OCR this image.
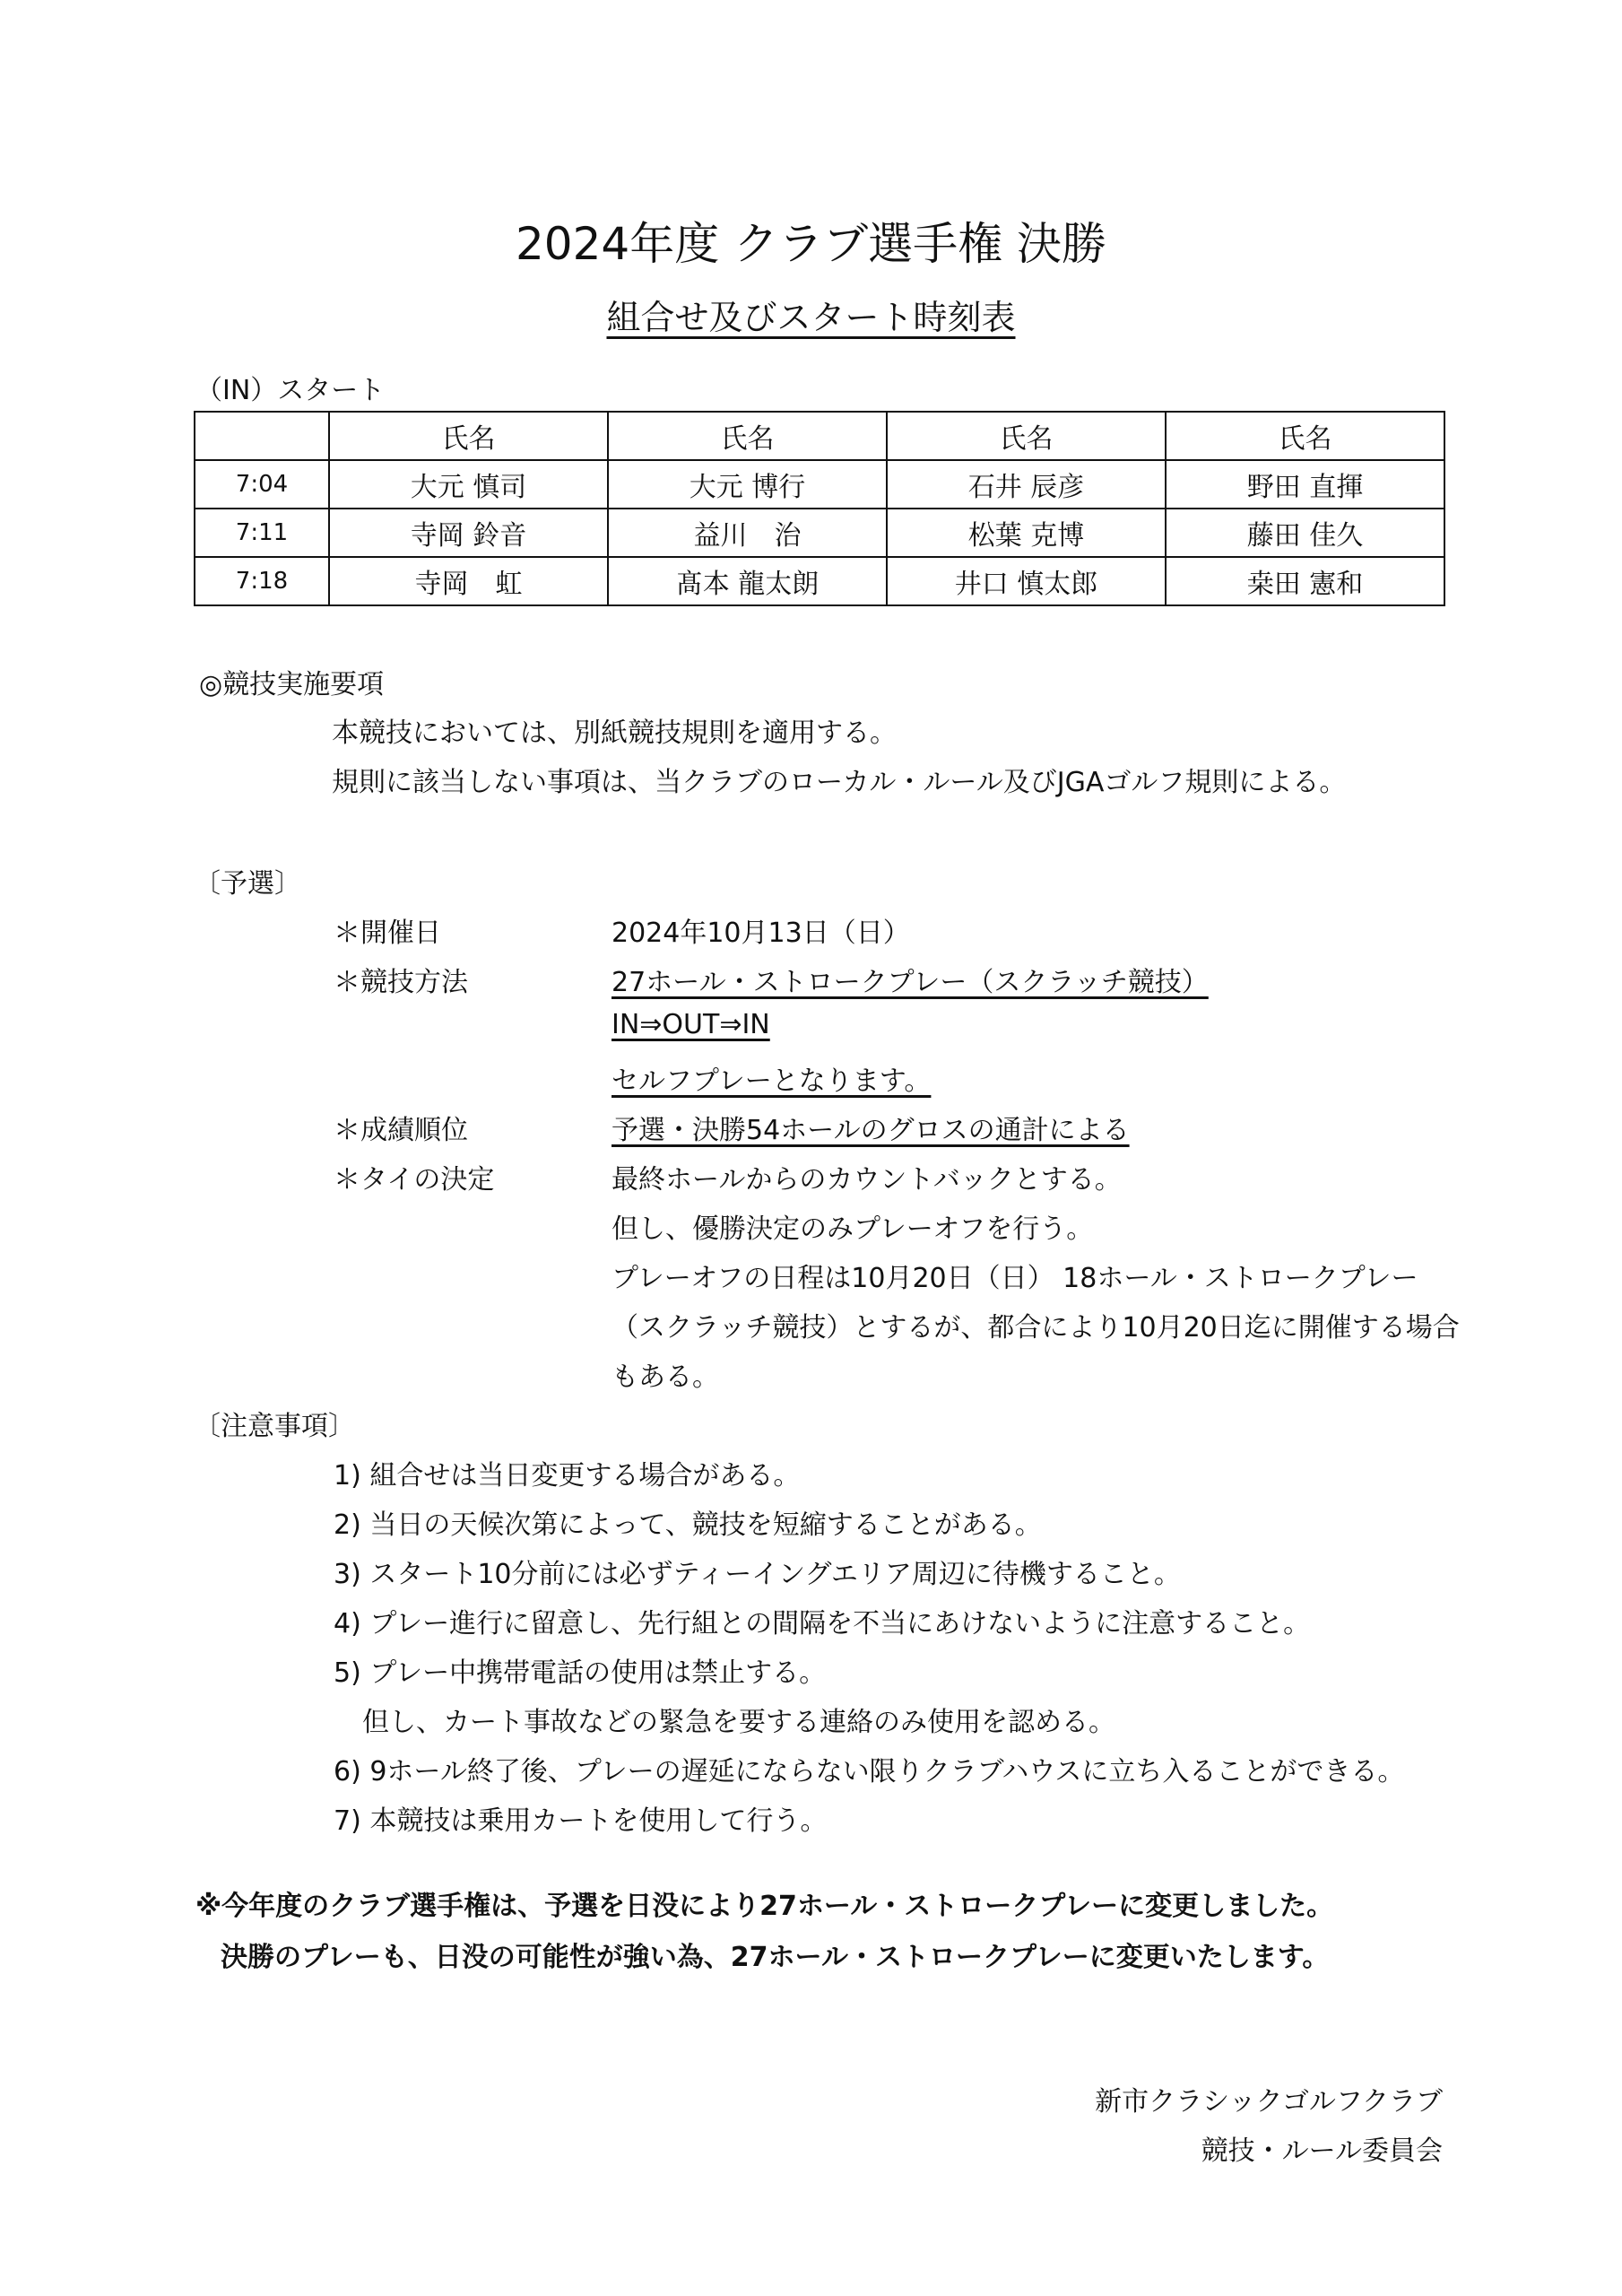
2024年度 クラブ選手権 決勝
組合せ及びスタート時刻表
（IN）スタート
	氏名	氏名	氏名	氏名
7:04	大元 慎司	大元 博行	石井 辰彦	野田 直揮
7:11	寺岡 鈴音	益川　治	松葉 克博	藤田 佳久
7:18	寺岡　虹	髙本 龍太朗	井口 慎太郎	桒田 憲和
◎競技実施要項
本競技においては、別紙競技規則を適用する。
規則に該当しない事項は、当クラブのローカル・ルール及びJGAゴルフ規則による。
〔予選〕
＊開催日	2024年10月13日（日）
＊競技方法	27ホール・ストロークプレー（スクラッチ競技）
IN⇒OUT⇒IN
セルフプレーとなります。
＊成績順位	予選・決勝54ホールのグロスの通計による
＊タイの決定	最終ホールからのカウントバックとする。
但し、優勝決定のみプレーオフを行う。
プレーオフの日程は10月20日（日） 18ホール・ストロークプレー
（スクラッチ競技）とするが、都合により10月20日迄に開催する場合
もある。
〔注意事項〕
1) 組合せは当日変更する場合がある。
2) 当日の天候次第によって、競技を短縮することがある。
3) スタート10分前には必ずティーイングエリア周辺に待機すること。
4) プレー進行に留意し、先行組との間隔を不当にあけないように注意すること。
5) プレー中携帯電話の使用は禁止する。
但し、カート事故などの緊急を要する連絡のみ使用を認める。
6) 9ホール終了後、プレーの遅延にならない限りクラブハウスに立ち入ることができる。
7) 本競技は乗用カートを使用して行う。
※今年度のクラブ選手権は、予選を日没により27ホール・ストロークプレーに変更しました。
決勝のプレーも、日没の可能性が強い為、27ホール・ストロークプレーに変更いたします。
新市クラシックゴルフクラブ
競技・ルール委員会
